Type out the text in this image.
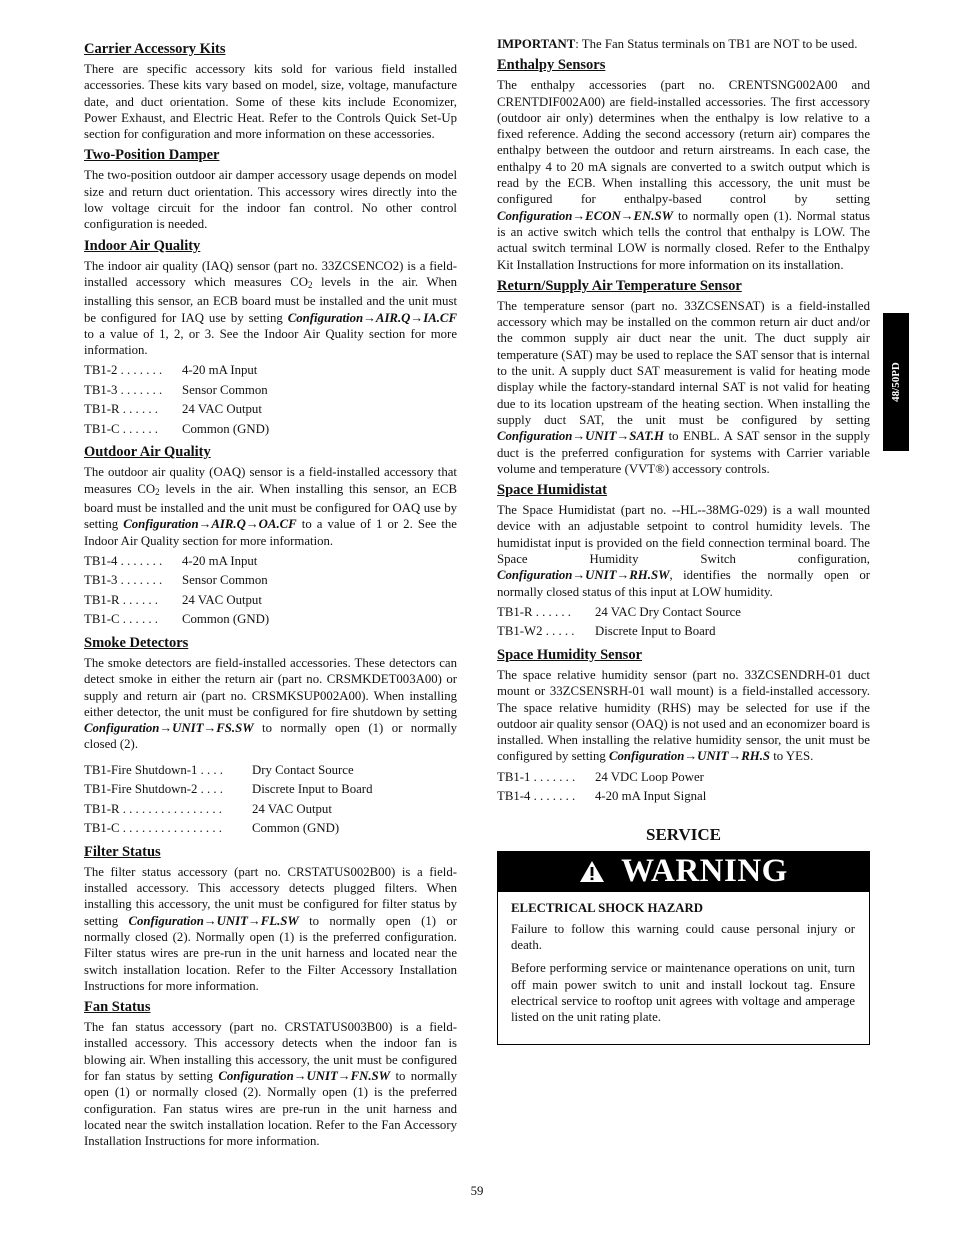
Carrier Accessory Kits

There are specific accessory kits sold for various field installed accessories. These kits vary based on model, size, voltage, manufacture date, and duct orientation. Some of these kits include Economizer, Power Exhaust, and Electric Heat. Refer to the Controls Quick Set-Up section for configuration and more information on these accessories.

Two-Position Damper

The two-position outdoor air damper accessory usage depends on model size and return duct orientation. This accessory wires directly into the low voltage circuit for the indoor fan control. No other control configuration is needed.

Indoor Air Quality

The indoor air quality (IAQ) sensor (part no. 33ZCSENCO2) is a field-installed accessory which measures $CO_2$ levels in the air. When installing this sensor, an ECB board must be installed and the unit must be configured for IAQ use by setting Configuration→AIR.Q→IA.CF to a value of 1, 2, or 3. See the Indoor Air Quality section for more information.

TB1-2 . . . . . . . 4-20 mA Input
TB1-3 . . . . . . . Sensor Common
TB1-R . . . . . . 24 VAC Output
TB1-C . . . . . . Common (GND)
Outdoor Air Quality

The outdoor air quality (OAQ) sensor is a field-installed accessory that measures $CO_2$ levels in the air. When installing this sensor, an ECB board must be installed and the unit must be configured for OAQ use by setting Configuration→AIR.Q→OA.CF to a value of 1 or 2. See the Indoor Air Quality section for more information.

TB1-4 . . . . . . . 4-20 mA Input
TB1-3 . . . . . . . Sensor Common
TB1-R . . . . . . 24 VAC Output
TB1-C . . . . . . Common (GND)
Smoke Detectors

The smoke detectors are field-installed accessories. These detectors can detect smoke in either the return air (part no. CRSMKDET003A00) or supply and return air (part no. CRSMKSUP002A00). When installing either detector, the unit must be configured for fire shutdown by setting Configuration→UNIT→FS.SW to normally open (1) or normally closed (2).

TB1-Fire Shutdown-1 . . . . Dry Contact Source
TB1-Fire Shutdown-2 . . . . Discrete Input to Board
TB1-R . . . . . . . . . . . . . . . . 24 VAC Output
TB1-C . . . . . . . . . . . . . . . . Common (GND)
Filter Status

The filter status accessory (part no. CRSTATUS002B00) is a field-installed accessory. This accessory detects plugged filters. When installing this accessory, the unit must be configured for filter status by setting Configuration→UNIT→FL.SW to normally open (1) or normally closed (2). Normally open (1) is the preferred configuration. Filter status wires are pre-run in the unit harness and located near the switch installation location. Refer to the Filter Accessory Installation Instructions for more information.

Fan Status

The fan status accessory (part no. CRSTATUS003B00) is a field-installed accessory. This accessory detects when the indoor fan is blowing air. When installing this accessory, the unit must be configured for fan status by setting Configuration→UNIT→FN.SW to normally open (1) or normally closed (2). Normally open (1) is the preferred configuration. Fan status wires are pre-run in the unit harness and located near the switch installation location. Refer to the Fan Accessory Installation Instructions for more information.

IMPORTANT: The Fan Status terminals on TB1 are NOT to be used.

Enthalpy Sensors

The enthalpy accessories (part no. CRENTSNG002A00 and CRENTDIF002A00) are field-installed accessories. The first accessory (outdoor air only) determines when the enthalpy is low relative to a fixed reference. Adding the second accessory (return air) compares the enthalpy between the outdoor and return airstreams. In each case, the enthalpy 4 to 20 mA signals are converted to a switch output which is read by the ECB. When installing this accessory, the unit must be configured for enthalpy-based control by setting Configuration→ECON→EN.SW to normally open (1). Normal status is an active switch which tells the control that enthalpy is LOW. The actual switch terminal LOW is normally closed. Refer to the Enthalpy Kit Installation Instructions for more information on its installation.

Return/Supply Air Temperature Sensor

The temperature sensor (part no. 33ZCSENSAT) is a field-installed accessory which may be installed on the common return air duct and/or the common supply air duct near the unit. The duct supply air temperature (SAT) may be used to replace the SAT sensor that is internal to the unit. A supply duct SAT measurement is valid for heating mode display while the factory-standard internal SAT is not valid for heating due to its location upstream of the heating section. When installing the supply duct SAT, the unit must be configured by setting Configuration→UNIT→SAT.H to ENBL. A SAT sensor in the supply duct is the preferred configuration for systems with Carrier variable volume and temperature (VVT®) accessory controls.

Space Humidistat

The Space Humidistat (part no. --HL--38MG-029) is a wall mounted device with an adjustable setpoint to control humidity levels. The humidistat input is provided on the field connection terminal board. The Space Humidity Switch configuration, Configuration→UNIT→RH.SW, identifies the normally open or normally closed status of this input at LOW humidity.

TB1-R . . . . . . 24 VAC Dry Contact Source
TB1-W2 . . . . . Discrete Input to Board
Space Humidity Sensor

The space relative humidity sensor (part no. 33ZCSENDRH-01 duct mount or 33ZCSENSRH-01 wall mount) is a field-installed accessory. The space relative humidity (RHS) may be selected for use if the outdoor air quality sensor (OAQ) is not used and an economizer board is installed. When installing the relative humidity sensor, the unit must be configured by setting Configuration→UNIT→RH.S to YES.

TB1-1 . . . . . . . 24 VDC Loop Power
TB1-4 . . . . . . . 4-20 mA Input Signal
SERVICE
WARNING
ELECTRICAL SHOCK HAZARD

Failure to follow this warning could cause personal injury or death.

Before performing service or maintenance operations on unit, turn off main power switch to unit and install lockout tag. Ensure electrical service to rooftop unit agrees with voltage and amperage listed on the unit rating plate.

48/50PD
59
